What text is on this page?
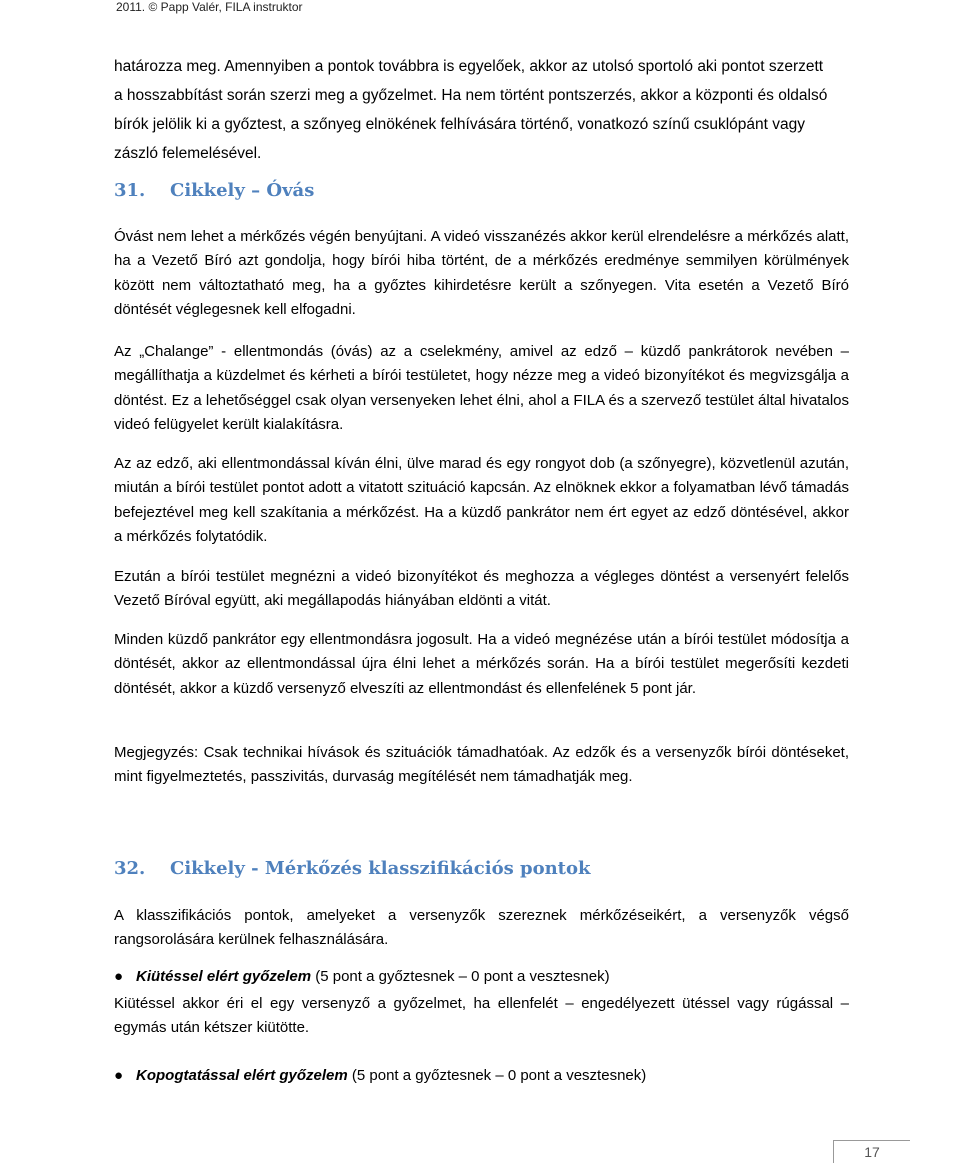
2011. © Papp Valér, FILA instruktor
határozza meg. Amennyiben a pontok továbbra is egyelőek, akkor az utolsó sportoló aki pontot szerzett
a hosszabbítást során szerzi meg a győzelmet. Ha nem történt pontszerzés, akkor a központi és oldalsó
bírók jelölik ki a győztest, a szőnyeg elnökének felhívására történő, vonatkozó színű csuklópánt vagy
zászló felemelésével.
31. Cikkely – Óvás

Óvást nem lehet a mérkőzés végén benyújtani. A videó visszanézés akkor kerül elrendelésre a mérkőzés alatt, ha a Vezető Bíró azt gondolja, hogy bírói hiba történt, de a mérkőzés eredménye semmilyen körülmények között nem változtatható meg, ha a győztes kihirdetésre került a szőnyegen. Vita esetén a Vezető Bíró döntését véglegesnek kell elfogadni.

Az „Chalange” - ellentmondás (óvás) az a cselekmény, amivel az edző – küzdő pankrátorok nevében – megállíthatja a küzdelmet és kérheti a bírói testületet, hogy nézze meg a videó bizonyítékot és megvizsgálja a döntést. Ez a lehetőséggel csak olyan versenyeken lehet élni, ahol a FILA és a szervező testület által hivatalos videó felügyelet került kialakításra.

Az az edző, aki ellentmondással kíván élni, ülve marad és egy rongyot dob (a szőnyegre), közvetlenül azután, miután a bírói testület pontot adott a vitatott szituáció kapcsán. Az elnöknek ekkor a folyamatban lévő támadás befejeztével meg kell szakítania a mérkőzést. Ha a küzdő pankrátor nem ért egyet az edző döntésével, akkor a mérkőzés folytatódik.

Ezután a bírói testület megnézni a videó bizonyítékot és meghozza a végleges döntést a versenyért felelős Vezető Bíróval együtt, aki megállapodás hiányában eldönti a vitát.

Minden küzdő pankrátor egy ellentmondásra jogosult. Ha a videó megnézése után a bírói testület módosítja a döntését, akkor az ellentmondással újra élni lehet a mérkőzés során. Ha a bírói testület megerősíti kezdeti döntését, akkor a küzdő versenyző elveszíti az ellentmondást és ellenfelének 5 pont jár.

Megjegyzés: Csak technikai hívások és szituációk támadhatóak. Az edzők és a versenyzők bírói döntéseket, mint figyelmeztetés, passzivitás, durvaság megítélését nem támadhatják meg.

32. Cikkely - Mérkőzés klasszifikációs pontok

A klasszifikációs pontok, amelyeket a versenyzők szereznek mérkőzéseikért, a versenyzők végső rangsorolására kerülnek felhasználására.

● Kiütéssel elért győzelem (5 pont a győztesnek – 0 pont a vesztesnek)

Kiütéssel akkor éri el egy versenyző a győzelmet, ha ellenfelét – engedélyezett ütéssel vagy rúgással – egymás után kétszer kiütötte.

● Kopogtatással elért győzelem (5 pont a győztesnek – 0 pont a vesztesnek)
17
